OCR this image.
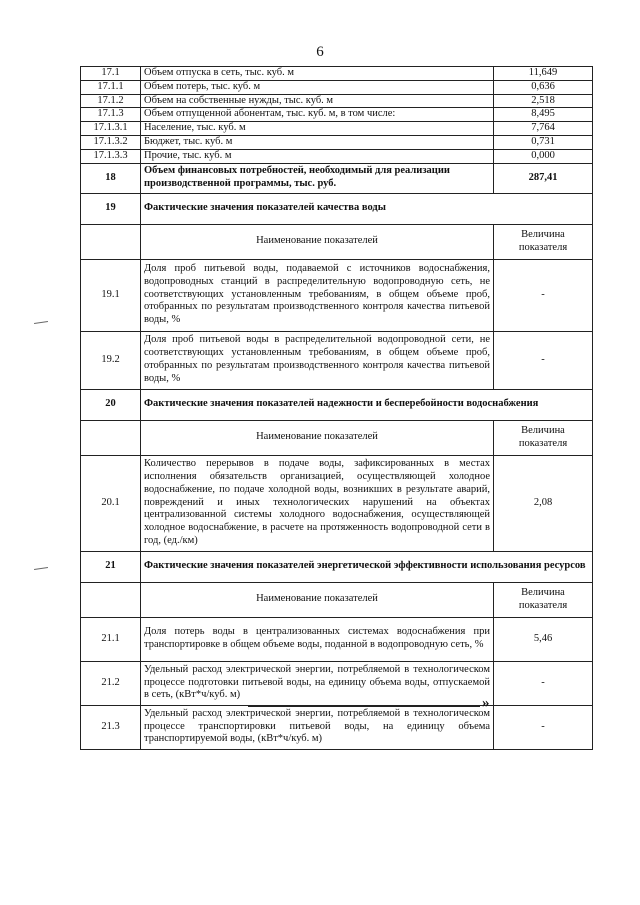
6
17.1	Объем отпуска в сеть, тыс. куб. м	11,649
17.1.1	Объем потерь, тыс. куб. м	0,636
17.1.2	Объем на собственные нужды, тыс. куб. м	2,518
17.1.3	Объем отпущенной абонентам, тыс. куб. м, в том числе:	8,495
17.1.3.1	Население, тыс. куб. м	7,764
17.1.3.2	Бюджет, тыс. куб. м	0,731
17.1.3.3	Прочие, тыс. куб. м	0,000
18	Объем финансовых потребностей, необходимый для реализации производственной программы, тыс. руб.	287,41
19	Фактические значения показателей качества воды	
	Наименование показателей	Величина показателя
19.1	Доля проб питьевой воды, подаваемой с источников водоснабжения, водопроводных станций в распределительную водопроводную сеть, не соответствующих установленным требованиям, в общем объеме проб, отобранных по результатам производственного контроля качества питьевой воды, %	-
19.2	Доля проб питьевой воды в распределительной водопроводной сети, не соответствующих установленным требованиям, в общем объеме проб, отобранных по результатам производственного контроля качества питьевой воды, %	-
20	Фактические значения показателей надежности и бесперебойности водоснабжения	
	Наименование показателей	Величина показателя
20.1	Количество перерывов в подаче воды, зафиксированных в местах исполнения обязательств организацией, осуществляющей холодное водоснабжение, по подаче холодной воды, возникших в результате аварий, повреждений и иных технологических нарушений на объектах централизованной системы холодного водоснабжения, осуществляющей холодное водоснабжение, в расчете на протяженность водопроводной сети в год, (ед./км)	2,08
21	Фактические значения показателей энергетической эффективности использования ресурсов	
	Наименование показателей	Величина показателя
21.1	Доля потерь воды в централизованных системах водоснабжения при транспортировке в общем объеме воды, поданной в водопроводную сеть, %	5,46
21.2	Удельный расход электрической энергии, потребляемой в технологическом процессе подготовки питьевой воды, на единицу объема воды, отпускаемой в сеть, (кВт*ч/куб. м)	-
21.3	Удельный расход электрической энергии, потребляемой в технологическом процессе транспортировки питьевой воды, на единицу объема транспортируемой воды, (кВт*ч/куб. м)	-
»
